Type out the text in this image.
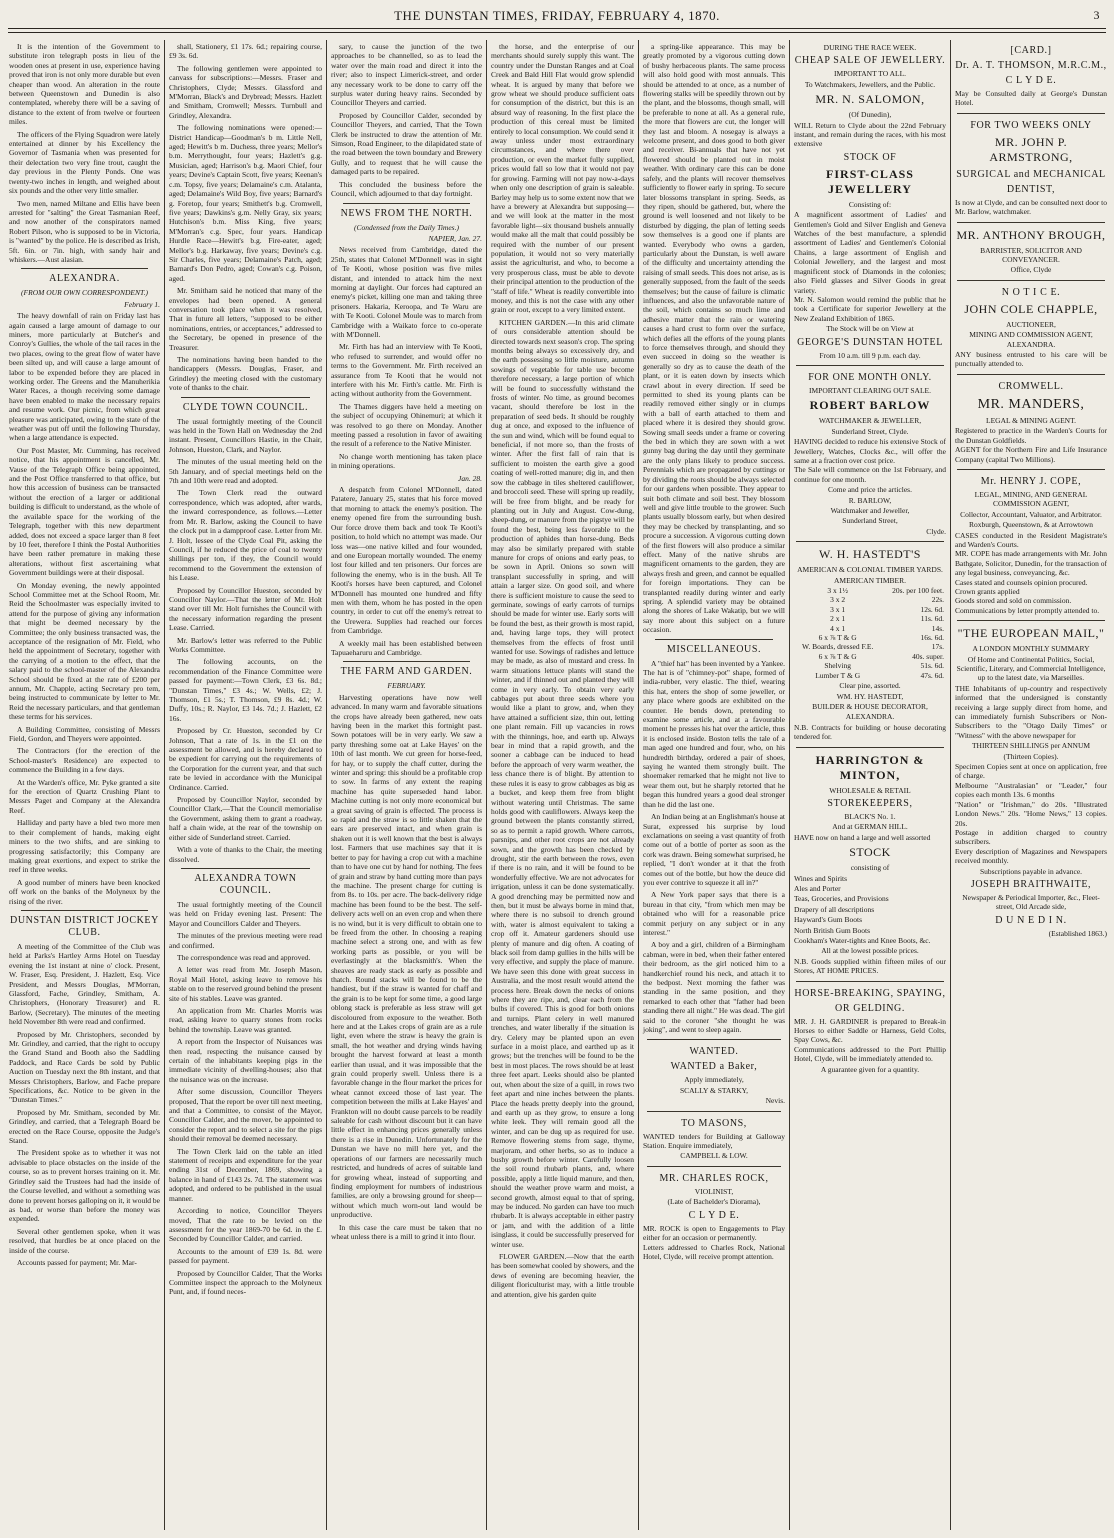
THE DUNSTAN TIMES, FRIDAY, FEBRUARY 4, 1870.	3

It is the intention of the Government to substitute iron telegraph posts in lieu of the wooden ones at present in use, experience having proved that iron is not only more durable but even cheaper than wood. An alteration in the route between Queenstown and Dunedin is also contemplated, whereby there will be a saving of distance to the extent of from twelve or fourteen miles.

The officers of the Flying Squadron were lately entertained at dinner by his Excellency the Governor of Tasmania when was presented for their delectation two very fine trout, caught the day previous in the Plenty Ponds. One was twenty-two inches in length, and weighed about six pounds and the other very little smaller.

Two men, named Miltane and Ellis have been arrested for "salting" the Great Tasmanian Reef, and now another of the conspirators named Robert Pilson, who is supposed to be in Victoria, is "wanted" by the police. He is described as Irish, 5ft. 6in. or 7in. high, with sandy hair and whiskers.—Aust alasian.

ALEXANDRA.
(FROM OUR OWN CORRESPONDENT.)
February 1.

The heavy downfall of rain on Friday last has again caused a large amount of damage to our miners, more particularly at Butcher's and Conroy's Gullies, the whole of the tail races in the two places, owing to the great flow of water have been silted up, and will cause a large amount of labor to be expended before they are placed in working order. The Greens and the Manuherikia Water Races, a though receiving some damage have been enabled to make the necessary repairs and resume work. Our picnic, from which great pleasure was anticipated, owing to the state of the weather was put off until the following Thursday, when a large attendance is expected.

Our Post Master, Mr. Cumming, has received notice, that his appointment is cancelled, Mr. Vause of the Telegraph Office being appointed, and the Post Office transferred to that office, but how this accession of business can be transacted without the erection of a larger or additional building is difficult to understand, as the whole of the available space for the working of the Telegraph, together with this new department added, does not exceed a space larger than 8 feet by 10 feet, therefore I think the Postal Authorities have been rather premature in making these alterations, without first ascertaining what Government buildings were at their disposal.

On Monday evening, the newly appointed School Committee met at the School Room, Mr. Reid the Schoolmaster was especially invited to attend for the purpose of giving any information that might be deemed necessary by the Committee; the only business transacted was, the acceptance of the resignation of Mr. Field, who held the appointment of Secretary, together with the carrying of a motion to the effect, that the salary paid to the school-master of the Alexandra School should be fixed at the rate of £200 per annum, Mr. Chapple, acting Secretary pro tem, being instructed to communicate by letter to Mr. Reid the necessary particulars, and that gentleman these terms for his services.

A Building Committee, consisting of Messrs Field, Gordon, and Theyers were appointed.

The Contractors (for the erection of the School-master's Residence) are expected to commence the Building in a few days.

At the Warden's office, Mr. Pyke granted a site for the erection of Quartz Crushing Plant to Messrs Paget and Company at the Alexandra Reef.

Halliday and party have a bled two more men to their complement of hands, making eight miners to the two shifts, and are sinking to progressing satisfactorily; this Company are making great exertions, and expect to strike the reef in three weeks.

A good number of miners have been knocked off work on the banks of the Molyneux by the rising of the river.

DUNSTAN DISTRICT JOCKEY CLUB.

A meeting of the Committee of the Club was held at Parks's Hartley Arms Hotel on Tuesday evening the 1st instant at nine o' clock. Present, W. Fraser, Esq. President, J. Hazlett, Esq. Vice President, and Messrs Douglas, M'Morran, Glassford, Fache, Grindley, Smitham, A. Christophers, (Honorary Treasurer) and R. Barlow, (Secretary). The minutes of the meeting held November 8th were read and confirmed.

Proposed by Mr. Christophers, seconded by Mr. Grindley, and carried, that the right to occupy the Grand Stand and Booth also the Saddling Paddock, and Race Cards be sold by Public Auction on Tuesday next the 8th instant, and that Messrs Christophers, Barlow, and Fache prepare Specifications, &c. Notice to be given in the "Dunstan Times."

Proposed by Mr. Smitham, seconded by Mr. Grindley, and carried, that a Telegraph Board be erected on the Race Course, opposite the Judge's Stand.

The President spoke as to whether it was not advisable to place obstacles on the inside of the course, so as to prevent horses training on it. Mr. Grindley said the Trustees had had the inside of the Course levelled, and without a something was done to prevent horses galloping on it, it would be as bad, or worse than before the money was expended.

Several other gentlemen spoke, when it was resolved, that hurdles be at once placed on the inside of the course.

Accounts passed for payment; Mr. Mar-

shall, Stationery, £1 17s. 6d.; repairing course, £9 3s. 6d.

The following gentlemen were appointed to canvass for subscriptions:—Messrs. Fraser and Christophers, Clyde; Messrs. Glassford and M'Morran, Black's and Drybread; Messrs. Hazlett and Smitham, Cromwell; Messrs. Turnbull and Grindley, Alexandra.

The following nominations were opened:— District Handicap—Goodman's b m. Little Nell, aged; Hewitt's b m. Duchess, three years; Mellor's b.m. Merrythought, four years; Hazlett's g.g. Musician, aged; Harrison's b.g. Maori Chief, four years; Devine's Captain Scott, five years; Keenan's c.m. Topsy, five years; Delamaine's c.m. Atalanta, aged; Delamaine's Wild Boy, five years; Barnard's g. Foretop, four years; Smithett's b.g. Cromwell, five years; Dawkins's g.m. Nelly Gray, six years; Hutchison's b.m. Miss King, five years; M'Morran's c.g. Spec, four years. Handicap Hurdle Race—Hewitt's b.g. Fire-eater, aged; Mellor's b.g. Harkaway, five years; Devine's c.g. Sir Charles, five years; Delamaine's Patch, aged; Barnard's Don Pedro, aged; Cowan's c.g. Poison, aged.

Mr. Smitham said he noticed that many of the envelopes had been opened. A general conversation took place when it was resolved, That in future all letters, "supposed to be either nominations, entries, or acceptances," addressed to the Secretary, be opened in presence of the Treasurer.

The nominations having been handed to the handicappers (Messrs. Douglas, Fraser, and Grindley) the meeting closed with the customary vote of thanks to the chair.

CLYDE TOWN COUNCIL.

The usual fortnightly meeting of the Council was held in the Town Hall on Wednesday the 2nd instant. Present, Councillors Hastie, in the Chair, Johnson, Hueston, Clark, and Naylor.

The minutes of the usual meeting held on the 5th January, and of special meetings held on the 7th and 10th were read and adopted.

The Town Clerk read the outward correspondence, which was adopted, after wards, the inward correspondence, as follows.—Letter from Mr. R. Barlow, asking the Council to have the clock put in a dampproof case. Letter from Mr. J. Holt, lessee of the Clyde Coal Pit, asking the Council, if he reduced the price of coal to twenty shillings per ton, if they, the Council would recommend to the Government the extension of his Lease.

Proposed by Councillor Hueston, seconded by Councillor Naylor.—That the letter of Mr. Holt stand over till Mr. Holt furnishes the Council with the necessary information regarding the present Lease. Carried.

Mr. Barlow's letter was referred to the Public Works Committee.

The following accounts, on the recommendation of the Finance Committee were passed for payment:—Town Clerk, £3 6s. 8d.; "Dunstan Times," £3 4s.; W. Wells, £2; J. Thomson, £1 5s.; T. Thomson, £9 8s. 4d.; W. Duffy, 10s.; R. Naylor, £3 14s. 7d.; J. Hazlett, £2 16s.

Proposed by Cr. Hueston, seconded by Cr Johnson, That a rate of 1s. in the £1 on the assessment be allowed, and is hereby declared to be expedient for carrying out the requirements of the Corporation for the current year, and that such rate be levied in accordance with the Municipal Ordinance. Carried.

Proposed by Councillor Naylor, seconded by Councillor Clark,—That the Council memorialise the Government, asking them to grant a roadway, half a chain wide, at the rear of the township on either side of Sunderland street. Carried.

With a vote of thanks to the Chair, the meeting dissolved.

ALEXANDRA TOWN COUNCIL.

The usual fortnightly meeting of the Council was held on Friday evening last. Present: The Mayor and Councillors Calder and Theyers.

The minutes of the previous meeting were read and confirmed.

The correspondence was read and approved.

A letter was read from Mr. Joseph Mason, Royal Mail Hotel, asking leave to remove his stable on to the reserved ground behind the present site of his stables. Leave was granted.

An application from Mr. Charles Morris was read, asking leave to quarry stones from rocks behind the township. Leave was granted.

A report from the Inspector of Nuisances was then read, respecting the nuisance caused by certain of the inhabitants keeping pigs in the immediate vicinity of dwelling-houses; also that the nuisance was on the increase.

After some discussion, Councillor Theyers proposed, That the report be over till next meeting, and that a Committee, to consist of the Mayor, Councillor Calder, and the mover, be appointed to consider the report and to select a site for the pigs should their removal be deemed necessary.

The Town Clerk laid on the table an itled statement of receipts and expenditure for the year ending 31st of December, 1869, showing a balance in hand of £143 2s. 7d. The statement was adopted, and ordered to be published in the usual manner.

According to notice, Councillor Theyers moved, That the rate to be levied on the assessment for the year 1869-70 be 6d. in the £. Seconded by Councillor Calder, and carried.

Accounts to the amount of £39 1s. 8d. were passed for payment.

Proposed by Councillor Calder, That the Works Committee inspect the approach to the Molyneux Punt, and, if found neces-

sary, to cause the junction of the two approaches to be channelled, so as to lead the water over the main road and direct it into the river; also to inspect Limerick-street, and order any necessary work to be done to carry off the surplus water during heavy rains. Seconded by Councillor Theyers and carried.

Proposed by Councillor Calder, seconded by Councillor Theyers, and carried, That the Town Clerk be instructed to draw the attention of Mr. Simson, Road Engineer, to the dilapidated state of the road between the town boundary and Brewery Gully, and to request that he will cause the damaged parts to be repaired.

This concluded the business before the Council, which adjourned to that day fortnight.

NEWS FROM THE NORTH.
(Condensed from the Daily Times.)
NAPIER, Jan. 27.

News received from Cambridge, dated the 25th, states that Colonel M'Donnell was in sight of Te Kooti, whose position was five miles distant, and intended to attack him the next morning at daylight. Our forces had captured an enemy's picket, killing one man and taking three prisoners. Hakaria, Keroopa, and Te Waru are with Te Kooti. Colonel Moule was to march from Cambridge with a Waikato force to co-operate with M'Donnell.

Mr. Firth has had an interview with Te Kooti, who refused to surrender, and would offer no terms to the Government. Mr. Firth received an assurance from Te Kooti that he would not interfere with his Mr. Firth's cattle. Mr. Firth is acting without authority from the Government.

The Thames diggers have held a meeting on the subject of occupying Ohinemuri; at which it was resolved to go there on Monday. Another meeting passed a resolution in favor of awaiting the result of a reference to the Native Minister.

No change worth mentioning has taken place in mining operations.

Jan. 28.

A despatch from Colonel M'Donnell, dated Patatere, January 25, states that his force moved that morning to attack the enemy's position. The enemy opened fire from the surrounding bush. Our force drove them back and took Te Kooti's position, to hold which no attempt was made. Our loss was—one native killed and four wounded, and one European mortally wounded. The enemy lost four killed and ten prisoners. Our forces are following the enemy, who is in the bush. All Te Kooti's horses have been captured, and Colonel M'Donnell has mounted one hundred and fifty men with them, whom he has posted in the open country, in order to cut off the enemy's retreat to the Urewera. Supplies had reached our forces from Cambridge.

A weekly mail has been established between Tapuaeharuru and Cambridge.

THE FARM AND GARDEN.
FEBRUARY.

Harvesting operations have now well advanced. In many warm and favorable situations the crops have already been gathered, new oats having been in the market this fortnight past. Sown potatoes will be in very early. We saw a party threshing some oat at Lake Hayes' on the 10th of last month. We cut green for horse-feed, for hay, or to supply the chaff cutter, during the winter and spring: this should be a profitable crop to sow. In farms of any extent the reaping machine has quite superseded hand labor. Machine cutting is not only more economical but a great saving of grain is effected. The process is so rapid and the straw is so little shaken that the ears are preserved intact, and when grain is shaken out it is well known that the best is always lost. Farmers that use machines say that it is better to pay for having a crop cut with a machine than to have one cut by hand for nothing. The fees of grain and straw by hand cutting more than pays the machine. The present charge for cutting is from 8s. to 10s. per acre. The back-delivery ridge machine has been found to be the best. The self-delivery acts well on an even crop and when there is no wind, but it is very difficult to obtain one to be freed from the other. In choosing a reaping machine select a strong one, and with as few working parts as possible, or you will be everlastingly at the blacksmith's. When the sheaves are ready stack as early as possible and thatch. Round stacks will be found to be the handiest, but if the straw is wanted for chaff and the grain is to be kept for some time, a good large oblong stack is preferable as less straw will get discoloured from exposure to the weather. Both here and at the Lakes crops of grain are as a rule light, even where the straw is heavy the grain is small, the hot weather and drying winds having brought the harvest forward at least a month earlier than usual, and it was impossible that the grain could properly swell. Unless there is a favorable change in the flour market the prices for wheat cannot exceed those of last year. The competition between the mills at Lake Hayes' and Frankton will no doubt cause parcels to be readily saleable for cash without discount but it can have little effect in enhancing prices generally unless there is a rise in Dunedin. Unfortunately for the Dunstan we have no mill here yet, and the operations of our farmers are necessarily much restricted, and hundreds of acres of suitable land for growing wheat, instead of supporting and finding employment for numbers of industrious families, are only a browsing ground for sheep—without which much worn-out land would be unproductive.

In this case the care must be taken that no wheat unless there is a mill to grind it into flour.

the horse, and the enterprise of our merchants should surely supply this want. The country under the Dunstan Ranges and at Coal Creek and Bald Hill Flat would grow splendid wheat. It is argued by many that before we grow wheat we should produce sufficient oats for consumption of the district, but this is an absurd way of reasoning. In the first place the production of this cereal must be limited entirely to local consumption. We could send it away unless under most extraordinary circumstances, and where there over production, or even the market fully supplied, prices would fall so low that it would not pay for growing. Farming will not pay now-a-days when only one description of grain is saleable. Barley may help us to some extent now that we have a brewery at Alexandra but supposing—and we will look at the matter in the most favorable light—six thousand bushels annually would make all the malt that could possibly be required with the number of our present population, it would not so very materially assist the agriculturist, and who, to become a very prosperous class, must be able to devote their principal attention to the production of the "staff of life." Wheat is readily convertible into money, and this is not the case with any other grain or root, except to a very limited extent.

KITCHEN GARDEN.—In this arid climate of ours considerable attention should be directed towards next season's crop. The spring months being always so excessively dry, and the earth possessing so little moisture, autumn sowings of vegetable for table use become therefore necessary, a large portion of which will be found to successfully withstand the frosts of winter. No time, as ground becomes vacant, should therefore be lost in the preparation of seed beds. It should be roughly dug at once, and exposed to the influence of the sun and wind, which will be found equal to beneficial, if not more so, than the frosts of winter. After the first fall of rain that is sufficient to moisten the earth give a good coating of well-rotted manure; dig in, and then sow the cabbage in tiles sheltered cauliflower, and broccoli seed. These will spring up readily, will be free from blight, and be ready for planting out in July and August. Cow-dung, sheep-dung, or manure from the pigstye will be found the best, being less favorable to the production of aphides than horse-dung. Beds may also be similarly prepared with stable manure for crops of onions and early peas, to be sown in April. Onions so sown will transplant successfully in spring, and will attain a larger size. On good soil, and where there is sufficient moisture to cause the seed to germinate, sowings of early carrots of turnips should be made for winter use. Early sorts will be found the best, as their growth is most rapid, and, having large tops, they will protect themselves from the effects of frost until wanted for use. Sowings of radishes and lettuce may be made, as also of mustard and cress. In warm situations lettuce plants will stand the winter, and if thinned out and planted they will come in very early. To obtain very early cabbages put about three seeds where you would like a plant to grow, and, when they have attained a sufficient size, thin out, letting one plant remain. Fill up vacancies in rows with the thinnings, hoe, and earth up. Always bear in mind that a rapid growth, and the sooner a cabbage can be induced to head before the approach of very warm weather, the less chance there is of blight. By attention to these rules it is easy to grow cabbages as big as a bucket, and keep them free from blight without watering until Christmas. The same holds good with cauliflowers. Always keep the ground between the plants constantly stirred, so as to permit a rapid growth. Where carrots, parsnips, and other root crops are not already sown, and the growth has been checked by drought, stir the earth between the rows, even if there is no rain, and it will be found to be wonderfully effective. We are not advocates for irrigation, unless it can be done systematically. A good drenching may be permitted now and then, but it must be always borne in mind that, where there is no subsoil to drench ground with, water is almost equivalent to taking a crop off it. Amateur gardeners should use plenty of manure and dig often. A coating of black soil from damp gullies in the hills will be very effective, and supply the place of manure. We have seen this done with great success in Australia, and the most result would attend the process here. Break down the necks of onions where they are ripe, and, clear each from the bulbs if covered. This is good for both onions and turnips. Plant celery in well manured trenches, and water liberally if the situation is dry. Celery may be planted upon an even surface in a moist place, and earthed up as it grows; but the trenches will be found to be the best in most places. The rows should be at least three feet apart. Leeks should also be planted out, when about the size of a quill, in rows two feet apart and nine inches between the plants. Place the heads pretty deeply into the ground, and earth up as they grow, to ensure a long white leek. They will remain good all the winter, and can be dug up as required for use. Remove flowering stems from sage, thyme, marjoram, and other herbs, so as to induce a bushy growth before winter. Carefully loosen the soil round rhubarb plants, and, where possible, apply a little liquid manure, and then, should the weather prove warm and moist, a second growth, almost equal to that of spring, may be induced. No garden can have too much rhubarb. It is always acceptable in either pastry or jam, and with the addition of a little isinglass, it could be successfully preserved for winter use.

FLOWER GARDEN.—Now that the earth has been somewhat cooled by showers, and the dews of evening are becoming heavier, the diligent floriculturist may, with a little trouble and attention, give his garden quite

a spring-like appearance. This may be greatly promoted by a vigorous cutting down of bushy herbaceous plants. The same process will also hold good with most annuals. This should be attended to at once, as a number of flowering stalks will be speedily thrown out by the plant, and the blossoms, though small, will be preferable to none at all. As a general rule, the more that flowers are cut, the longer will they last and bloom. A nosegay is always a welcome present, and does good to both giver and receiver. Bi-annuals that have not yet flowered should be planted out in moist weather. With ordinary care this can be done safely, and the plants will recover themselves sufficiently to flower early in spring. To secure later blossoms transplant in spring. Seeds, as they ripen, should be gathered, but, where the ground is well loosened and not likely to be disturbed by digging, the plan of letting seeds sow themselves is a good one if plants are wanted. Everybody who owns a garden, particularly about the Dunstan, is well aware of the difficulty and uncertainty attending the raising of small seeds. This does not arise, as is generally supposed, from the fault of the seeds themselves; but the cause of failure is climatic influences, and also the unfavorable nature of the soil, which contains so much lime and adhesive matter that the rain or watering causes a hard crust to form over the surface, which defies all the efforts of the young plants to force themselves through, and should they even succeed in doing so the weather is generally so dry as to cause the death of the plant, or it is eaten down by insects which crawl about in every direction. If seed be permitted to shed its young plants can be readily removed either singly or in clumps with a ball of earth attached to them and placed where it is desired they should grow. Sowing small seeds under a frame or covering the bed in which they are sown with a wet gunny bag during the day until they germinate are the only plans likely to produce success. Perennials which are propagated by cuttings or by dividing the roots should be always selected for our gardens when possible. They appear to suit both climate and soil best. They blossom well and give little trouble to the grower. Such plants usually blossom early, but when desired they may be checked by transplanting, and so procure a succession. A vigorous cutting down of the first flowers will also produce a similar effect. Many of the native shrubs are magnificent ornaments to the garden, they are always fresh and green, and cannot be equalled for foreign importations. They can be transplanted readily during winter and early spring. A splendid variety may be obtained along the shores of Lake Wakatip, but we will say more about this subject on a future occasion.

MISCELLANEOUS.

A "thief hat" has been invented by a Yankee. The hat is of "chimney-pot" shape, formed of india-rubber, very elastic. The thief, wearing this hat, enters the shop of some jeweller, or any place where goods are exhibited on the counter. He bends down, pretending to examine some article, and at a favourable moment he presses his hat over the article, thus it is enclosed inside. Boston tells the tale of a man aged one hundred and four, who, on his hundredth birthday, ordered a pair of shoes, saying he wanted them strongly built. The shoemaker remarked that he might not live to wear them out, but he sharply retorted that he began this hundred years a good deal stronger than he did the last one.

An Indian being at an Englishman's house at Surat, expressed his surprise by loud exclamations on seeing a vast quantity of froth come out of a bottle of porter as soon as the cork was drawn. Being somewhat surprised, he replied, "I don't wonder at it that the froth comes out of the bottle, but how the deuce did you ever contrive to squeeze it all in?"

A New York paper says that there is a bureau in that city, "from which men may be obtained who will for a reasonable price commit perjury on any subject or in any interest."

A boy and a girl, children of a Birmingham cabman, were in bed, when their father entered their bedroom, as the girl noticed him to a handkerchief round his neck, and attach it to the bedpost. Next morning the father was standing in the same position, and they remarked to each other that "father had been standing there all night." He was dead. The girl said to the coroner "she thought he was joking", and went to sleep again.

WANTED.
WANTED a Baker,
Apply immediately,
SCALLY & STARKY,
Nevis.
TO MASONS,
WANTED tenders for Building at Galloway Station. Enquire immediately,
CAMPBELL & LOW.
MR. CHARLES ROCK,
VIOLINIST,
(Late of Bachelder's Diorama),
C L Y D E.
MR. ROCK is open to Engagements to Play either for an occasion or permanently.
Letters addressed to Charles Rock, National Hotel, Clyde, will receive prompt attention.
DURING THE RACE WEEK.
CHEAP SALE OF JEWELLERY.
IMPORTANT TO ALL.
To Watchmakers, Jewellers, and the Public.
MR. N. SALOMON,
(Of Dunedin),
WILL Return to Clyde about the 22nd February instant, and remain during the races, with his most extensive
STOCK OF
FIRST-CLASS JEWELLERY
Consisting of:
A magnificent assortment of Ladies' and Gentlemen's Gold and Silver English and Geneva Watches of the best manufacture, a splendid assortment of Ladies' and Gentlemen's Colonial Chains, a large assortment of English and Colonial Jewellery, and the largest and most magnificent stock of Diamonds in the colonies; also Field glasses and Silver Goods in great variety.
Mr. N. Salomon would remind the public that he took a Certificate for superior Jewellery at the New Zealand Exhibition of 1865.
The Stock will be on View at
GEORGE'S DUNSTAN HOTEL
From 10 a.m. till 9 p.m. each day.
FOR ONE MONTH ONLY.
IMPORTANT CLEARING OUT SALE.
ROBERT BARLOW
WATCHMAKER & JEWELLER,
Sunderland Street, Clyde.
HAVING decided to reduce his extensive Stock of Jewellery, Watches, Clocks &c., will offer the same at a fraction over cost price.
The Sale will commence on the 1st February, and continue for one month.
Come and price the articles.
R. BARLOW,
Watchmaker and Jeweller,
Sunderland Street,
Clyde.
W. H. HASTEDT'S
AMERICAN & COLONIAL TIMBER YARDS.
AMERICAN TIMBER.
3 x 1½	20s. per 100 feet.
3 x 2	22s.
3 x 1	12s. 6d.
2 x 1	11s. 6d.
4 x 1	14s.
6 x ⅞ T & G	16s. 6d.
W. Boards, dressed F.E.	17s.
6 x ⅞ T & G	40s. super.
Shelving	51s. 6d.
Lumber T & G	47s. 6d.
Clear pine, assorted.
WM. HY. HASTEDT,
BUILDER & HOUSE DECORATOR,
ALEXANDRA.
N.B. Contracts for building or house decorating tendered for.
HARRINGTON & MINTON,
WHOLESALE & RETAIL
STOREKEEPERS,
BLACK'S No. 1.
And at GERMAN HILL.
HAVE now on hand a large and well assorted
STOCK
consisting of
Wines and Spirits
Ales and Porter
Teas, Groceries, and Provisions
Drapery of all descriptions
Hayward's Gum Boots
North British Gum Boots
Cookham's Water-tights and Knee Boots, &c.
All at the lowest possible prices.
N.B. Goods supplied within fifteen miles of our Stores, AT HOME PRICES.
HORSE-BREAKING, SPAYING,
OR GELDING.
MR. J. H. GARDINER is prepared to Break-in Horses to either Saddle or Harness, Geld Colts, Spay Cows, &c.
Communications addressed to the Port Phillip Hotel, Clyde, will be immediately attended to.
A guarantee given for a quantity.
[CARD.]
Dr. A. T. THOMSON, M.R.C.M.,
C L Y D E.
May be Consulted daily at George's Dunstan Hotel.
FOR TWO WEEKS ONLY
MR. JOHN P. ARMSTRONG,
SURGICAL and MECHANICAL
DENTIST,
Is now at Clyde, and can be consulted next door to Mr. Barlow, watchmaker.
MR. ANTHONY BROUGH,
BARRISTER, SOLICITOR AND CONVEYANCER.
Office, Clyde
N O T I C E.
JOHN COLE CHAPPLE,
AUCTIONEER,
MINING AND COMMISSION AGENT, ALEXANDRA.
ANY business entrusted to his care will be punctually attended to.
CROMWELL.
MR. MANDERS,
LEGAL & MINING AGENT.
Registered to practice in the Warden's Courts for the Dunstan Goldfields.
AGENT for the Northern Fire and Life Insurance Company (capital Two Millions).
Mr. HENRY J. COPE,
LEGAL, MINING, AND GENERAL COMMISSION AGENT,
Collector, Accountant, Valuator, and Arbitrator.
Roxburgh, Queenstown, & at Arrowtown
CASES conducted in the Resident Magistrate's and Warden's Courts.
MR. COPE has made arrangements with Mr. John Bathgate, Solicitor, Dunedin, for the transaction of any legal business, conveyancing, &c.
Cases stated and counsels opinion procured.
Crown grants applied
Goods stored and sold on commission.
Communications by letter promptly attended to.
"THE EUROPEAN MAIL,"
A LONDON MONTHLY SUMMARY
Of Home and Continental Politics, Social, Scientific, Literary, and Commercial Intelligence, up to the latest date, via Marseilles.
THE Inhabitants of up-country and respectively informed that the undersigned is constantly receiving a large supply direct from home, and can immediately furnish Subscribers or Non-Subscribers to the "Otago Daily Times" or "Witness" with the above newspaper for
THIRTEEN SHILLINGS per ANNUM
(Thirteen Copies).
Specimen Copies sent at once on application, free of charge.
Melbourne "Australasian" or "Leader," four copies each month 13s. 6 months
"Nation" or "Irishman," do 20s. "Illustrated London News." 20s. "Home News," 13 copies. 20s.
Postage in addition charged to country subscribers.
Every description of Magazines and Newspapers received monthly.
Subscriptions payable in advance.
JOSEPH BRAITHWAITE,
Newspaper & Periodical Importer, &c., Fleet-street, Old Arcade side,
D U N E D I N.
(Established 1863.)
